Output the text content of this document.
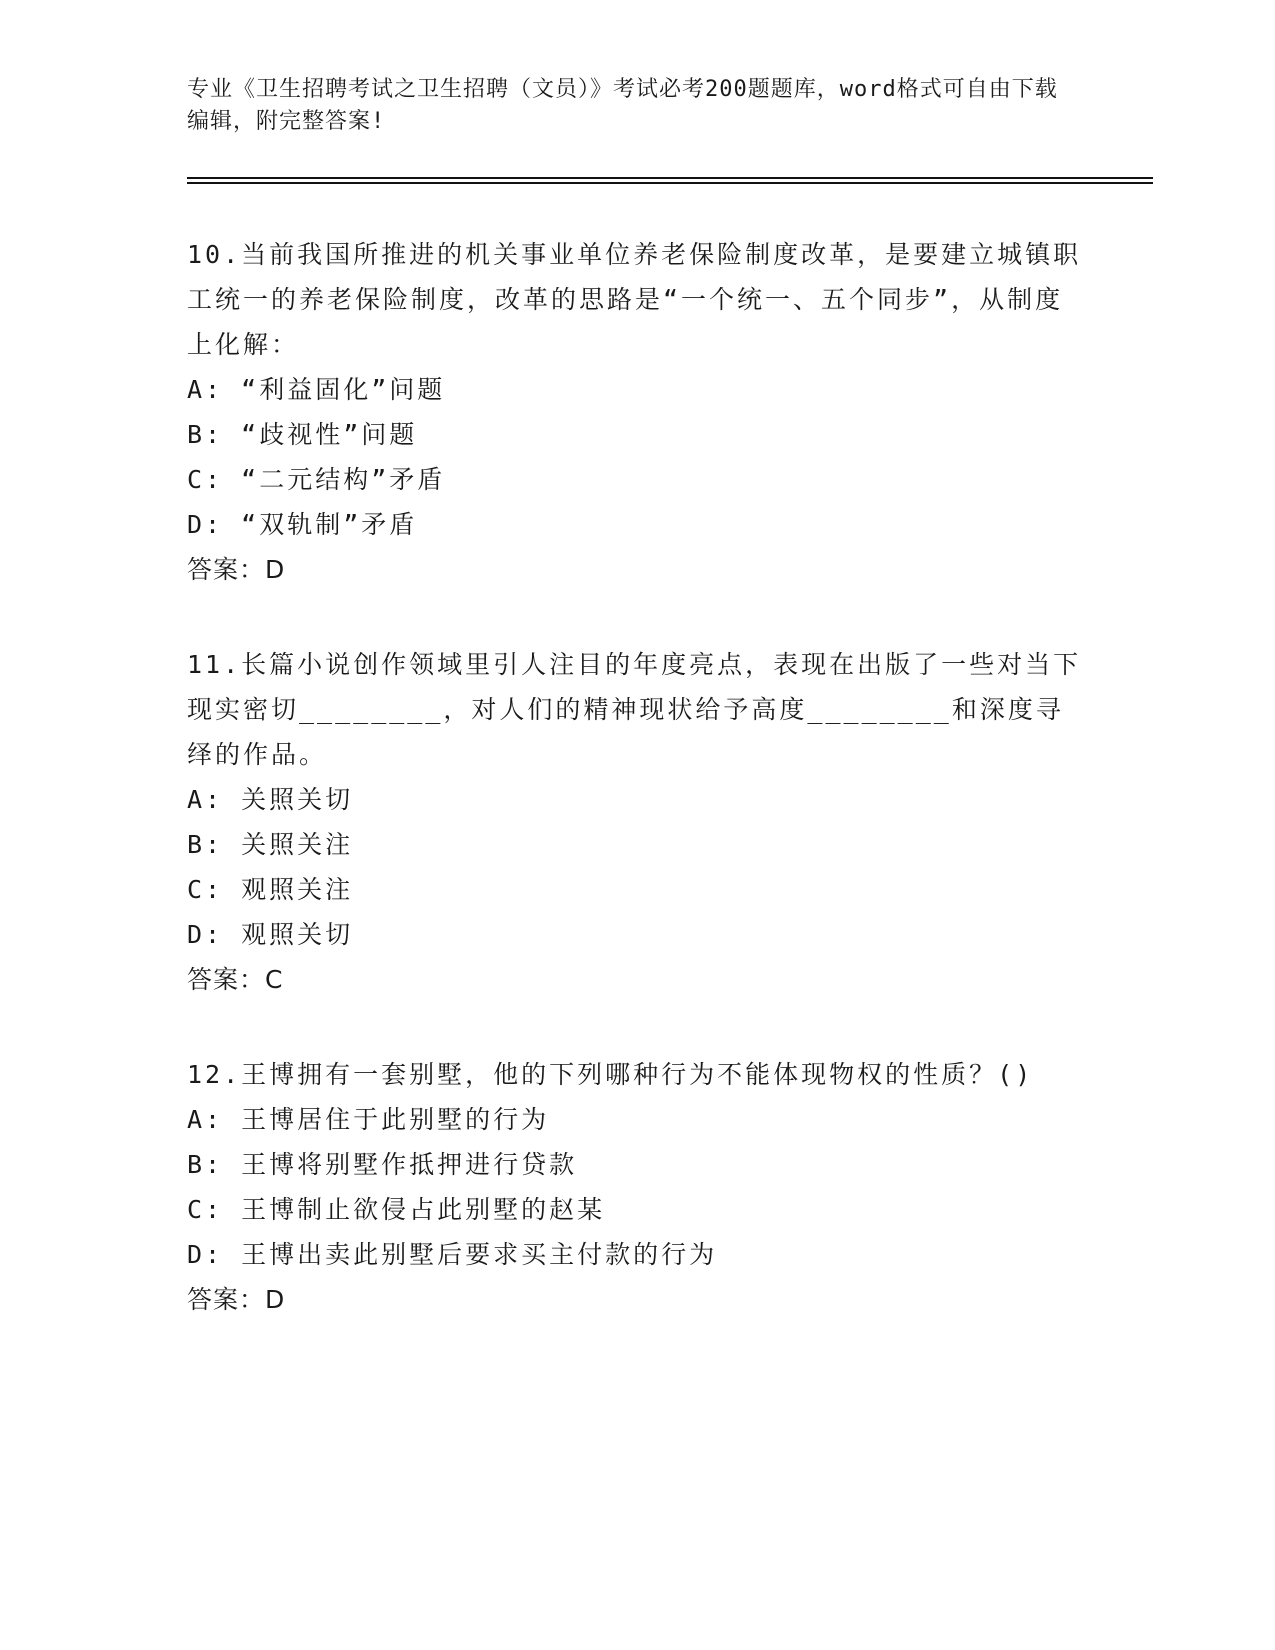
专业《卫生招聘考试之卫生招聘（文员）》考试必考200题题库，word格式可自由下载编辑，附完整答案!

10.当前我国所推进的机关事业单位养老保险制度改革，是要建立城镇职工统一的养老保险制度，改革的思路是“一个统一、五个同步”，从制度上化解：

A: “利益固化”问题

B: “歧视性”问题

C: “二元结构”矛盾

D: “双轨制”矛盾

答案：D

11.长篇小说创作领域里引人注目的年度亮点，表现在出版了一些对当下现实密切________，对人们的精神现状给予高度________和深度寻绎的作品。

A: 关照关切

B: 关照关注

C: 观照关注

D: 观照关切

答案：C

12.王博拥有一套别墅，他的下列哪种行为不能体现物权的性质？()

A: 王博居住于此别墅的行为

B: 王博将别墅作抵押进行贷款

C: 王博制止欲侵占此别墅的赵某

D: 王博出卖此别墅后要求买主付款的行为

答案：D
